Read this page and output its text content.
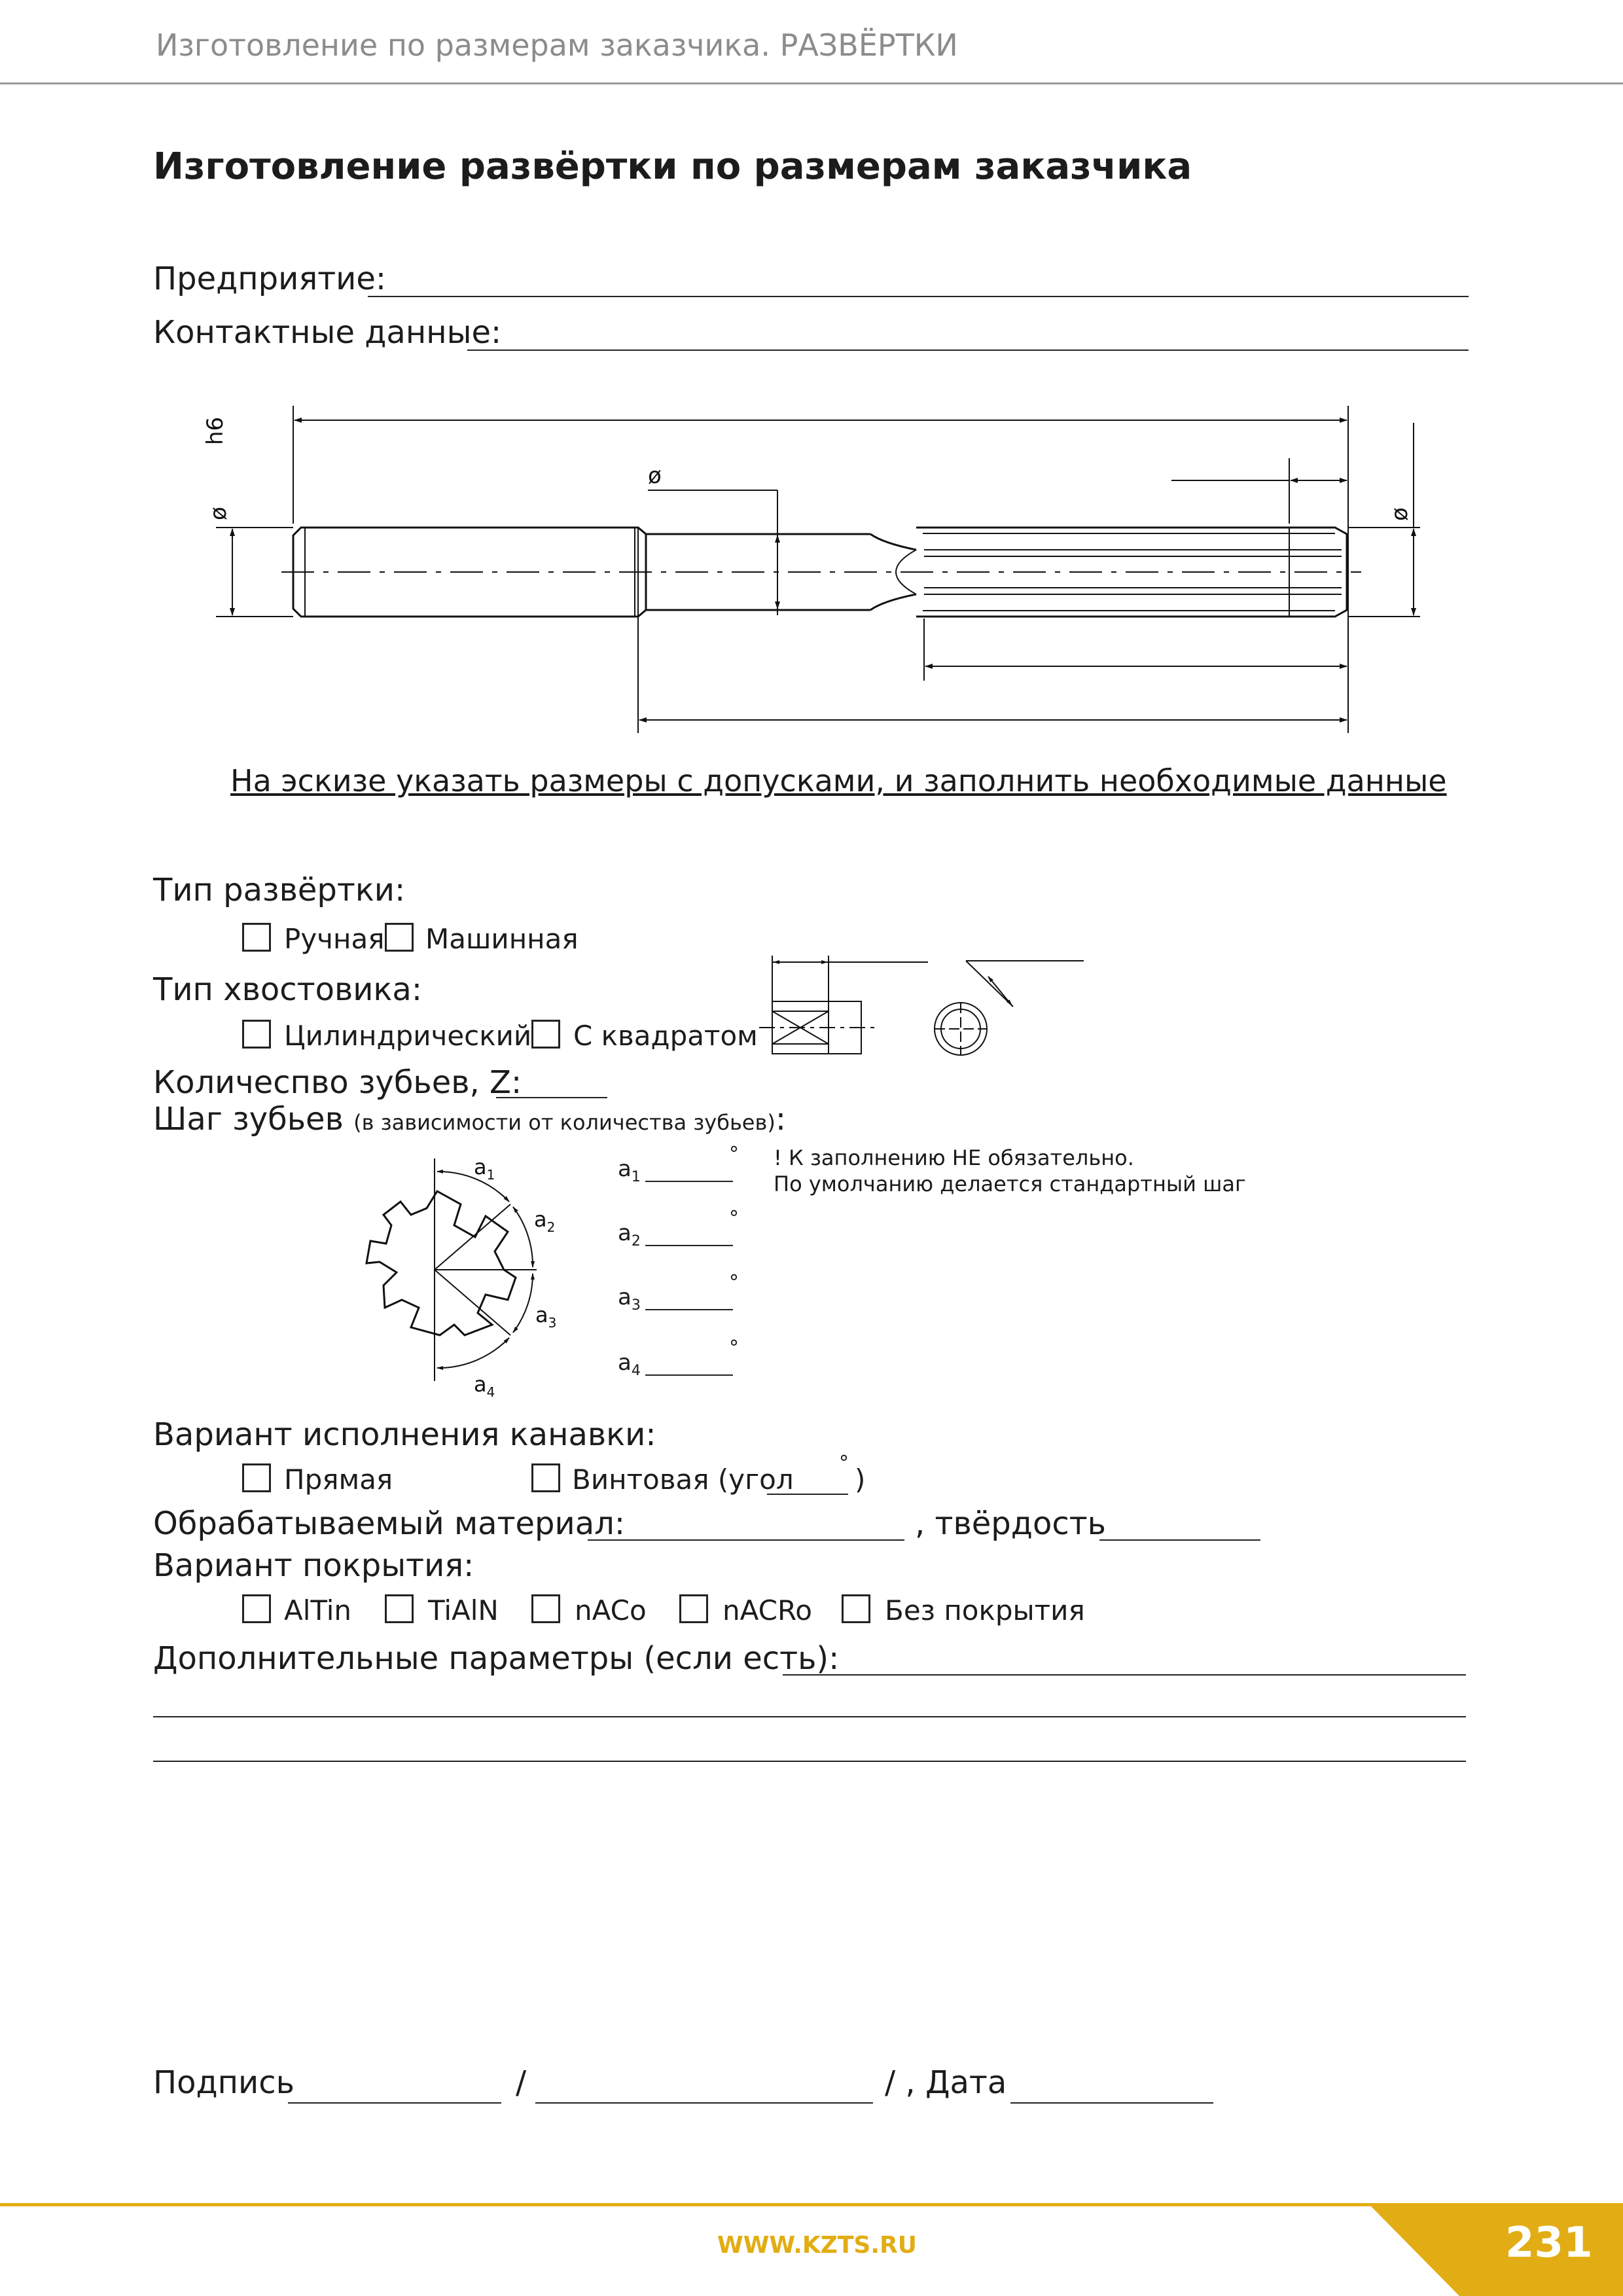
Изготовление по размерам заказчика. РАЗВЁРТКИ
Изготовление развёртки по размерам заказчика
Предприятие:
Контактные данные:
h6
ø
ø
ø
На эскизе указать размеры с допусками, и заполнить необходимые данные
Тип развёртки:
Ручная Машинная
Тип хвостовика:
Цилиндрический С квадратом
Количеспво зубьев, Z:
Шаг зубьев (в зависимости от количества зубьев):
$a_1$
$a_2$
$a_3$
$a_4$
$a_1$
°
$a_2$
°
$a_3$
°
$a_4$
°
! К заполнению НЕ обязательно.
По умолчанию делается стандартный шаг
Вариант исполнения канавки:
Прямая	Винтовая (угол
°
)
Обрабатываемый материал:	, твёрдость
Вариант покрытия:
AlTin	TiAlN	nACo	nACRo	Без покрытия
Дополнительные параметры (если есть):
Подпись	/	/ , Дата
WWW.KZTS.RU	231
